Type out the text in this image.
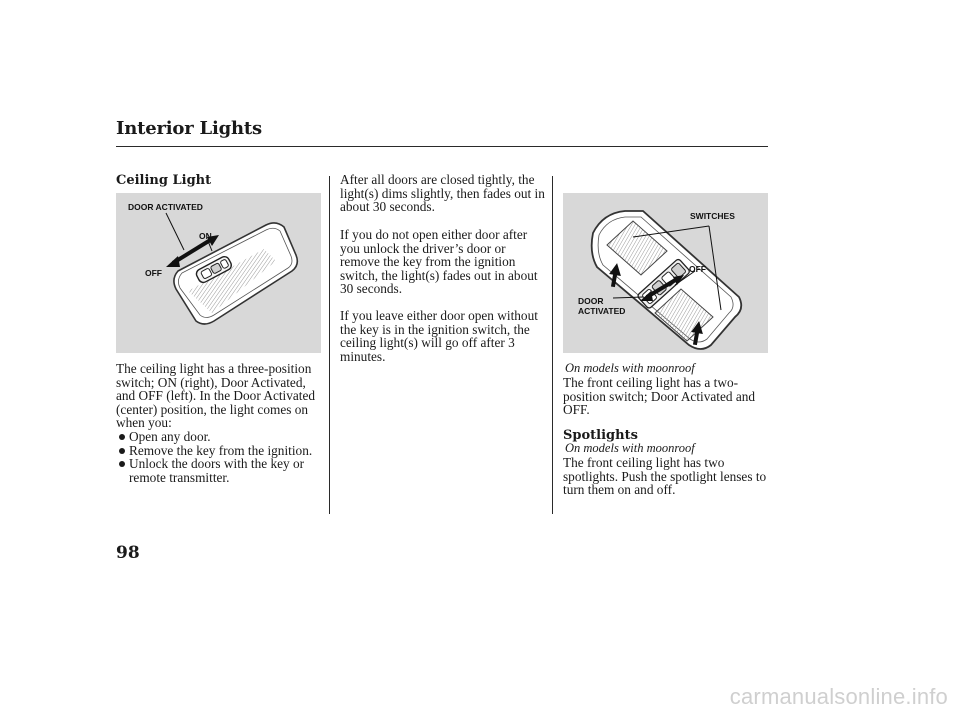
Interior Lights
Ceiling Light
DOOR ACTIVATED
ON
OFF

The ceiling light has a three-position switch; ON (right), Door Activated, and OFF (left). In the Door Activated (center) position, the light comes on when you:

Open any door.
Remove the key from the ignition.
Unlock the doors with the key or remote transmitter.

After all doors are closed tightly, the light(s) dims slightly, then fades out in about 30 seconds.

If you do not open either door after you unlock the driver’s door or remove the key from the ignition switch, the light(s) fades out in about 30 seconds.

If you leave either door open without the key is in the ignition switch, the ceiling light(s) will go off after 3 minutes.

SWITCHES
OFF
DOOR
ACTIVATED

On models with moonroof

The front ceiling light has a two-position switch; Door Activated and OFF.

Spotlights

On models with moonroof

The front ceiling light has two spotlights. Push the spotlight lenses to turn them on and off.

98
carmanualsonline.info
